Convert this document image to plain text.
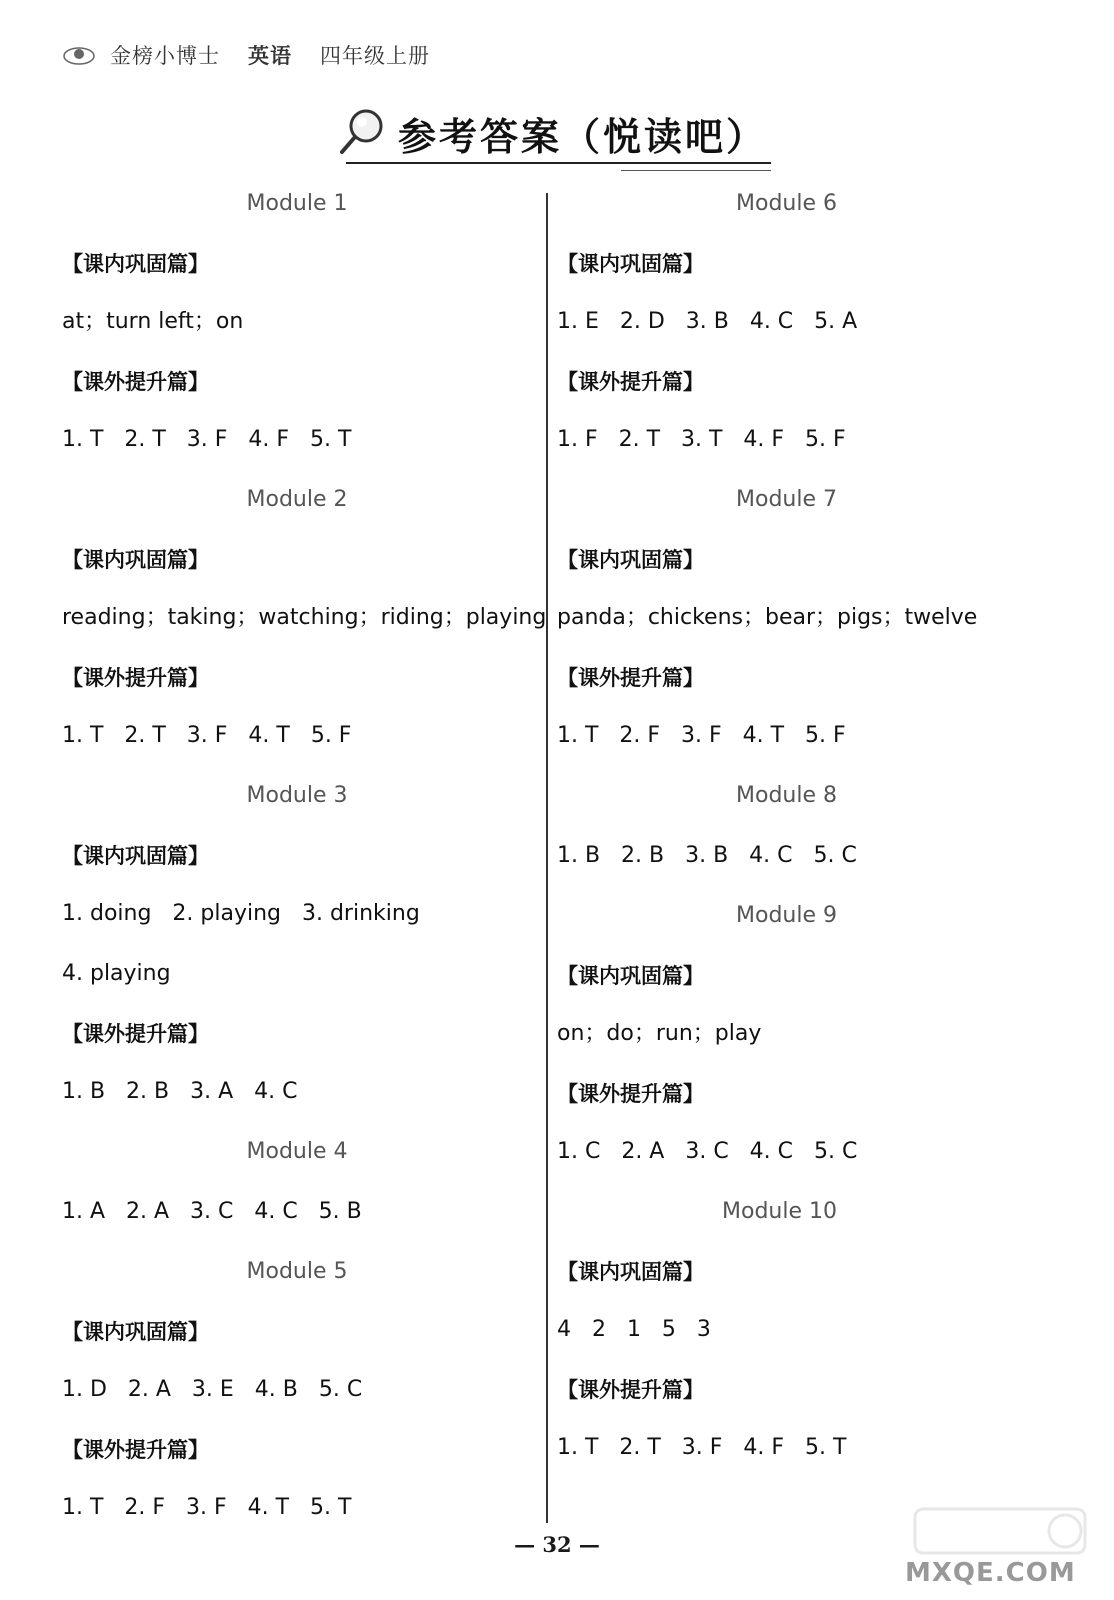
金榜小博士 英语 四年级上册
参考答案（悦读吧）
Module 1
【课内巩固篇】
at；turn left；on
【课外提升篇】
1. T   2. T   3. F   4. F   5. T
Module 2
【课内巩固篇】
reading；taking；watching；riding；playing
【课外提升篇】
1. T   2. T   3. F   4. T   5. F
Module 3
【课内巩固篇】
1. doing   2. playing   3. drinking
4. playing
【课外提升篇】
1. B   2. B   3. A   4. C
Module 4
1. A   2. A   3. C   4. C   5. B
Module 5
【课内巩固篇】
1. D   2. A   3. E   4. B   5. C
【课外提升篇】
1. T   2. F   3. F   4. T   5. T
Module 6
【课内巩固篇】
1. E   2. D   3. B   4. C   5. A
【课外提升篇】
1. F   2. T   3. T   4. F   5. F
Module 7
【课内巩固篇】
panda；chickens；bear；pigs；twelve
【课外提升篇】
1. T   2. F   3. F   4. T   5. F
Module 8
1. B   2. B   3. B   4. C   5. C
Module 9
【课内巩固篇】
on；do；run；play
【课外提升篇】
1. C   2. A   3. C   4. C   5. C
Module 10
【课内巩固篇】
4   2   1   5   3
【课外提升篇】
1. T   2. T   3. F   4. F   5. T
— 32 —
MXQE.COM
